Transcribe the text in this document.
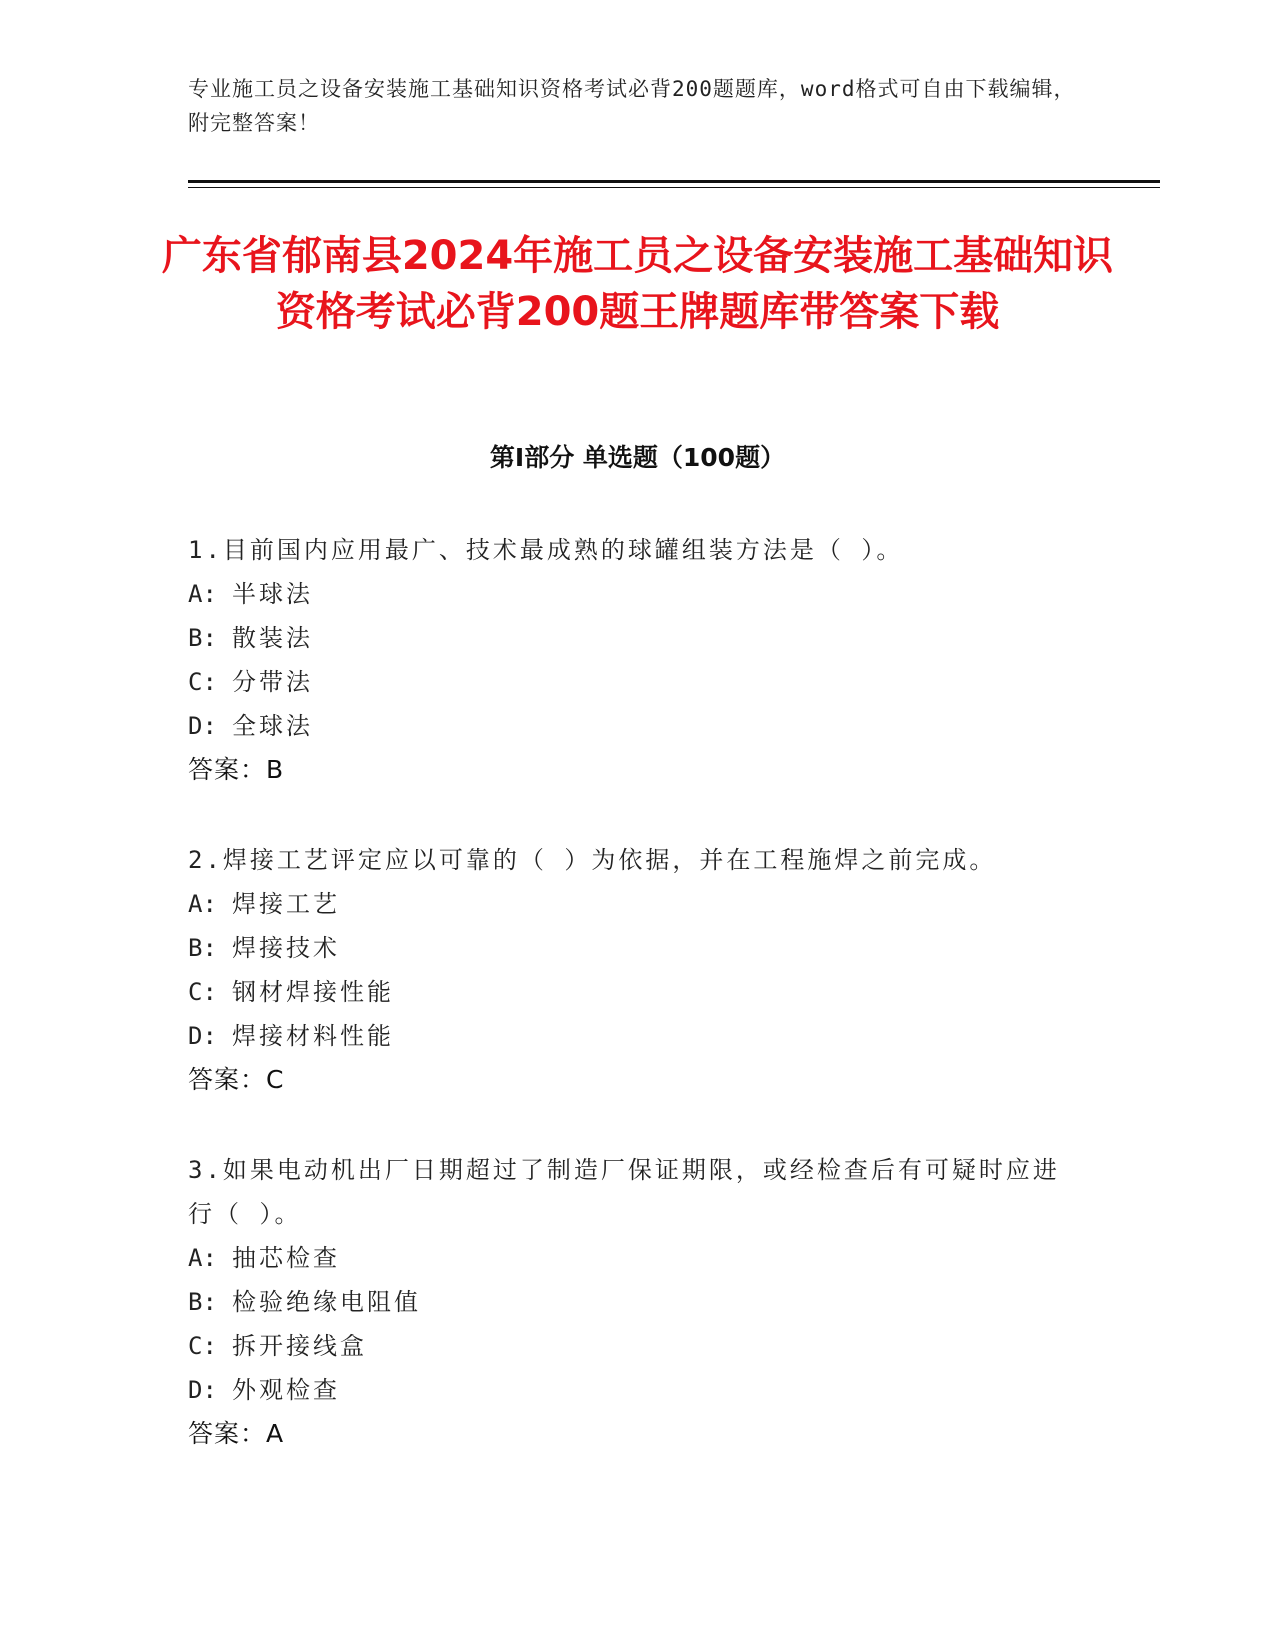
专业施工员之设备安装施工基础知识资格考试必背200题题库，word格式可自由下载编辑，附完整答案！
广东省郁南县2024年施工员之设备安装施工基础知识资格考试必背200题王牌题库带答案下载
第Ⅰ部分 单选题（100题）
1.目前国内应用最广、技术最成熟的球罐组装方法是（ ）。
A: 半球法
B: 散装法
C: 分带法
D: 全球法
答案：B
2.焊接工艺评定应以可靠的（ ）为依据，并在工程施焊之前完成。
A: 焊接工艺
B: 焊接技术
C: 钢材焊接性能
D: 焊接材料性能
答案：C
3.如果电动机出厂日期超过了制造厂保证期限，或经检查后有可疑时应进行（ ）。
A: 抽芯检查
B: 检验绝缘电阻值
C: 拆开接线盒
D: 外观检查
答案：A
